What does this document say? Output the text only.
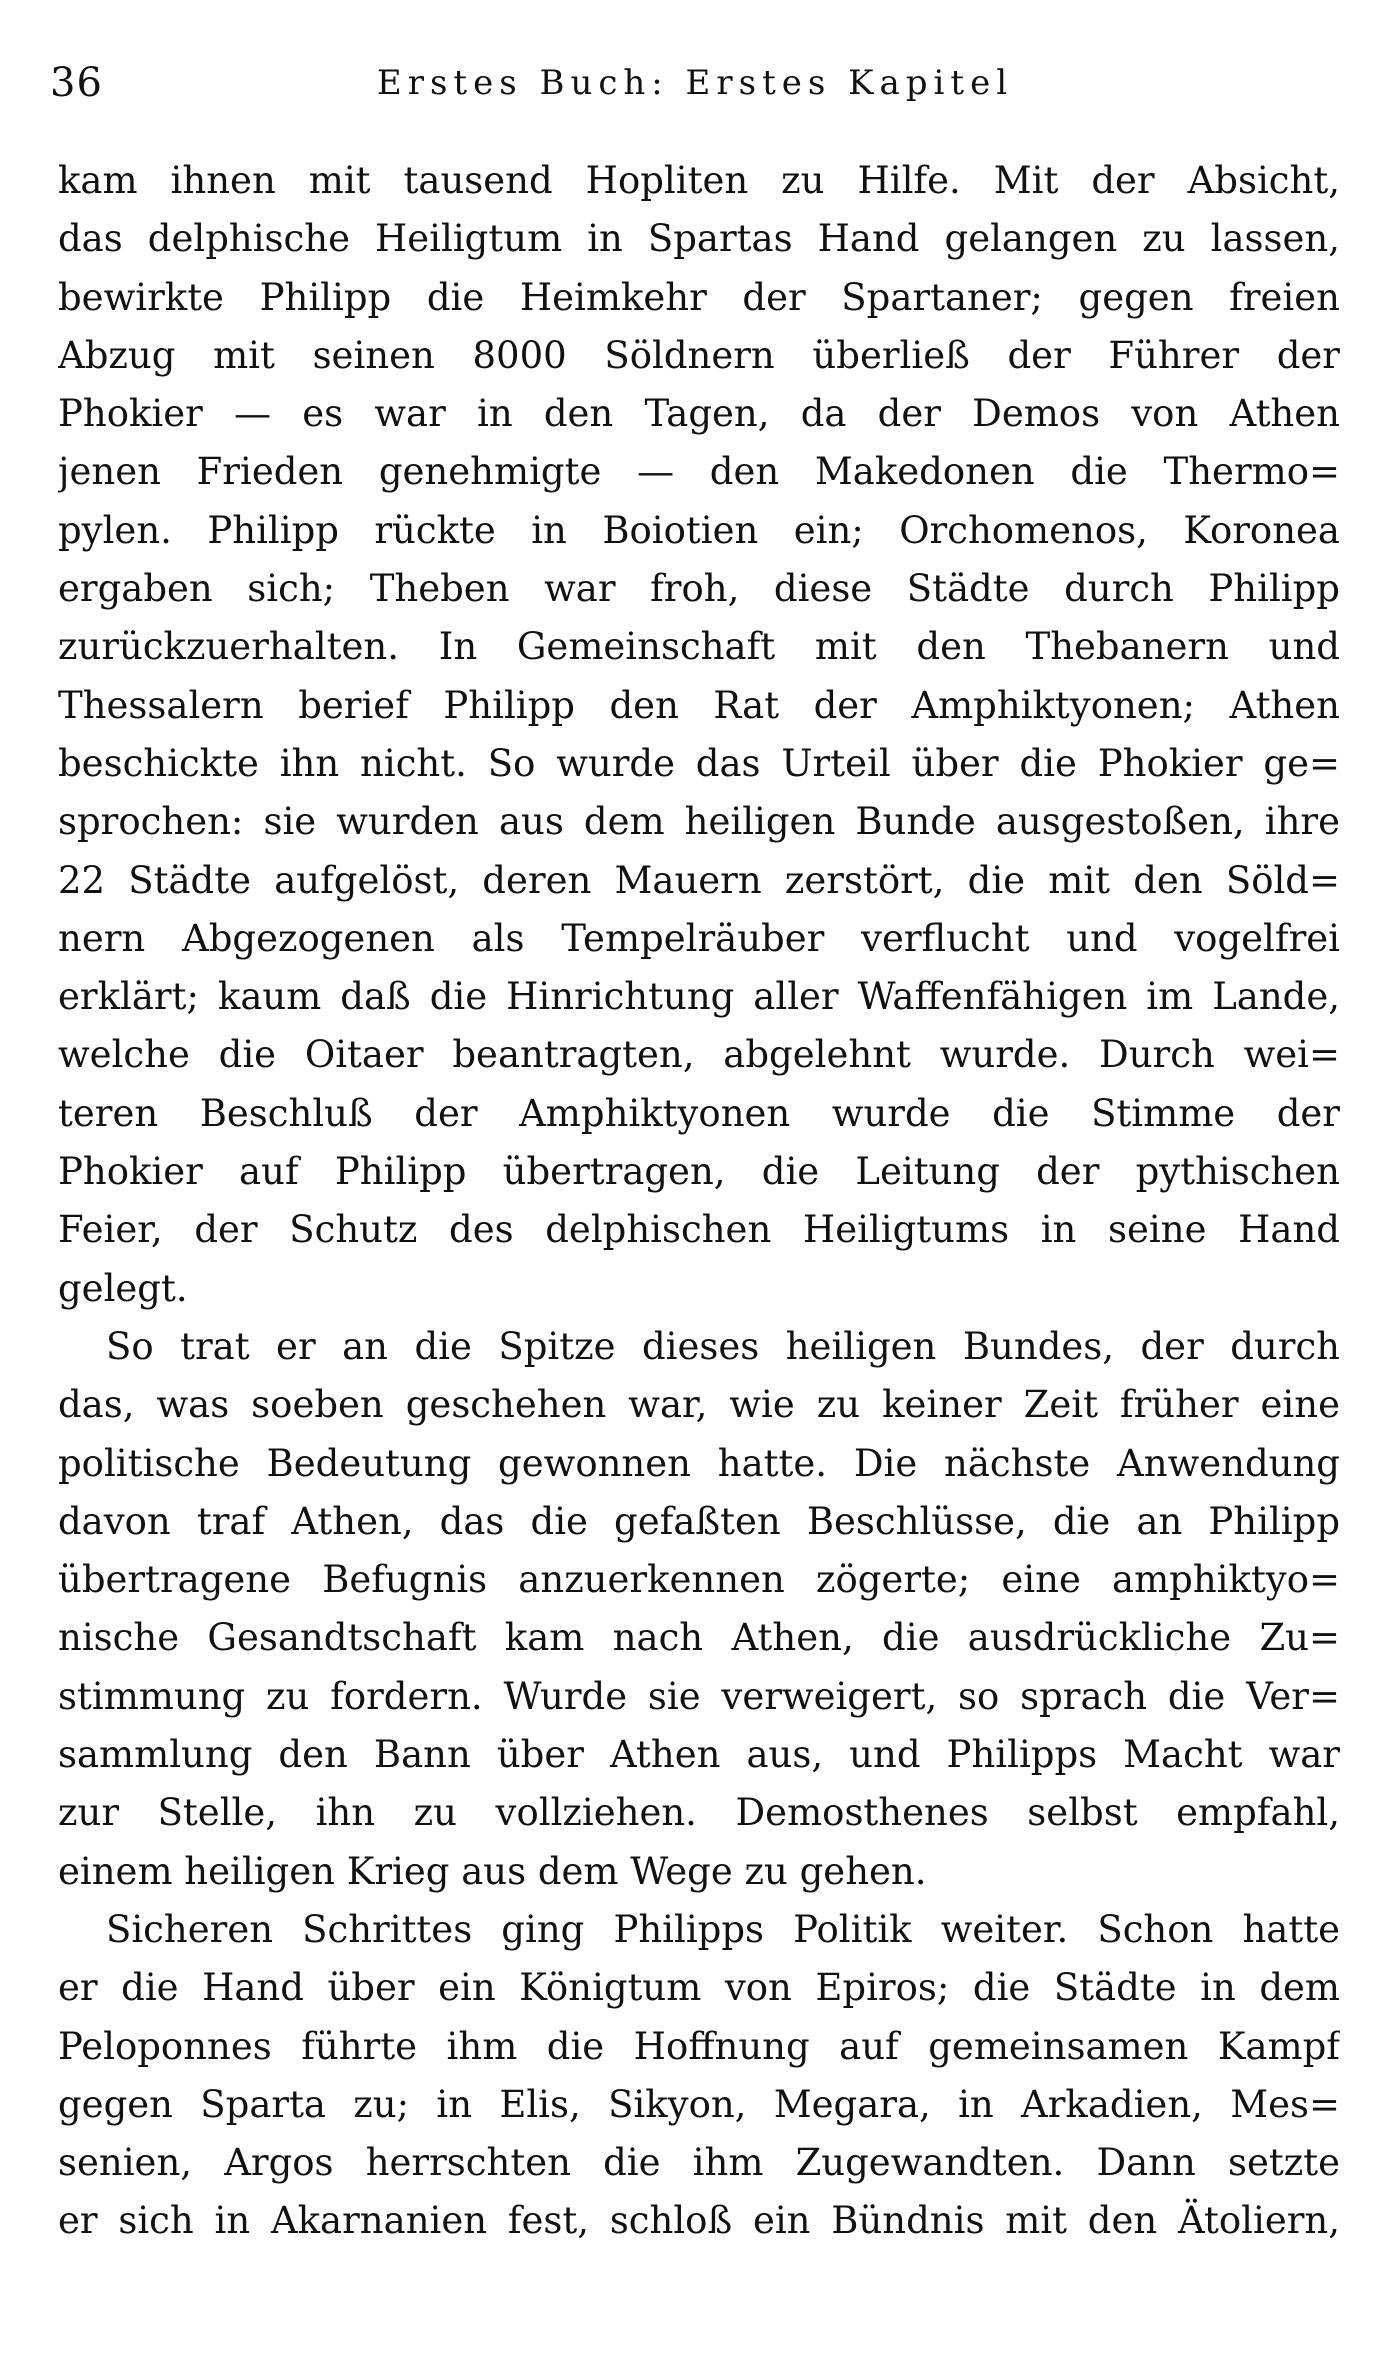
36	Erstes Buch: Erstes Kapitel
kam ihnen mit tausend Hopliten zu Hilfe. Mit der Absicht,
das delphische Heiligtum in Spartas Hand gelangen zu lassen,
bewirkte Philipp die Heimkehr der Spartaner; gegen freien
Abzug mit seinen 8000 Söldnern überließ der Führer der
Phokier — es war in den Tagen, da der Demos von Athen
jenen Frieden genehmigte — den Makedonen die Thermo=
pylen. Philipp rückte in Boiotien ein; Orchomenos, Koronea
ergaben sich; Theben war froh, diese Städte durch Philipp
zurückzuerhalten. In Gemeinschaft mit den Thebanern und
Thessalern berief Philipp den Rat der Amphiktyonen; Athen
beschickte ihn nicht. So wurde das Urteil über die Phokier ge=
sprochen: sie wurden aus dem heiligen Bunde ausgestoßen, ihre
22 Städte aufgelöst, deren Mauern zerstört, die mit den Söld=
nern Abgezogenen als Tempelräuber verflucht und vogelfrei
erklärt; kaum daß die Hinrichtung aller Waffenfähigen im Lande,
welche die Oitaer beantragten, abgelehnt wurde. Durch wei=
teren Beschluß der Amphiktyonen wurde die Stimme der
Phokier auf Philipp übertragen, die Leitung der pythischen
Feier, der Schutz des delphischen Heiligtums in seine Hand
gelegt.
So trat er an die Spitze dieses heiligen Bundes, der durch
das, was soeben geschehen war, wie zu keiner Zeit früher eine
politische Bedeutung gewonnen hatte. Die nächste Anwendung
davon traf Athen, das die gefaßten Beschlüsse, die an Philipp
übertragene Befugnis anzuerkennen zögerte; eine amphiktyo=
nische Gesandtschaft kam nach Athen, die ausdrückliche Zu=
stimmung zu fordern. Wurde sie verweigert, so sprach die Ver=
sammlung den Bann über Athen aus, und Philipps Macht war
zur Stelle, ihn zu vollziehen. Demosthenes selbst empfahl,
einem heiligen Krieg aus dem Wege zu gehen.
Sicheren Schrittes ging Philipps Politik weiter. Schon hatte
er die Hand über ein Königtum von Epiros; die Städte in dem
Peloponnes führte ihm die Hoffnung auf gemeinsamen Kampf
gegen Sparta zu; in Elis, Sikyon, Megara, in Arkadien, Mes=
senien, Argos herrschten die ihm Zugewandten. Dann setzte
er sich in Akarnanien fest, schloß ein Bündnis mit den Ätoliern,
